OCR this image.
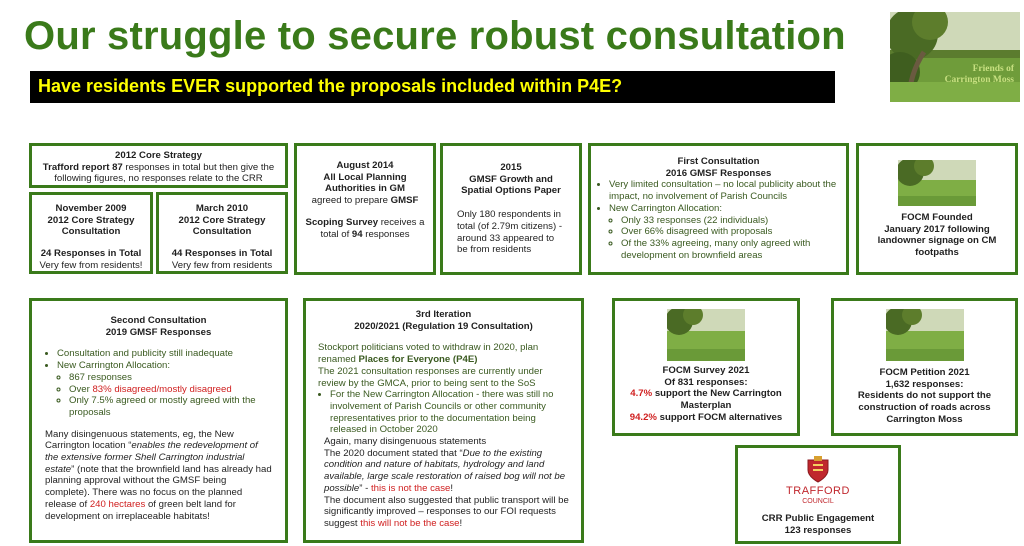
Our struggle to secure robust consultation
Have residents EVER supported the proposals included within P4E?
Friends of
Carrington Moss
2012 Core Strategy
Trafford report 87 responses in total but then give the following figures, no responses relate to the CRR
November 2009
2012 Core Strategy
Consultation
24 Responses in Total
Very few from residents!
March 2010
2012 Core Strategy
Consultation
44 Responses in Total
Very few from residents
August 2014
All Local Planning
Authorities in GM
agreed to prepare GMSF
Scoping Survey receives a total of 94 responses
2015
GMSF Growth and
Spatial Options Paper
Only 180 respondents in total (of 2.79m citizens) - around 33 appeared to be from residents
First Consultation
2016 GMSF Responses
• Very limited consultation – no local publicity about the impact, no involvement of Parish Councils
• New Carrington Allocation:
◦ Only 33 responses (22 individuals)
◦ Over 66% disagreed with proposals
◦ Of the 33% agreeing, many only agreed with development on brownfield areas
FOCM Founded
January 2017 following
landowner signage on CM
footpaths
Second Consultation
2019 GMSF Responses
• Consultation and publicity still inadequate
• New Carrington Allocation:
◦ 867 responses
◦ Over 83% disagreed/mostly disagreed
◦ Only 7.5% agreed or mostly agreed with the proposals

Many disingenuous statements, eg, the New Carrington location “enables the redevelopment of the extensive former Shell Carrington industrial estate” (note that the brownfield land has already had planning approval without the GMSF being complete). There was no focus on the planned release of 240 hectares of green belt land for development on irreplaceable habitats!

3rd Iteration
2020/2021 (Regulation 19 Consultation)

Stockport politicians voted to withdraw in 2020, plan renamed Places for Everyone (P4E)

The 2021 consultation responses are currently under review by the GMCA, prior to being sent to the SoS

• For the New Carrington Allocation - there was still no involvement of Parish Councils or other community representatives prior to the documentation being released in October 2020

Again, many disingenuous statements

The 2020 document stated that “Due to the existing condition and nature of habitats, hydrology and land available, large scale restoration of raised bog will not be possible” - this is not the case!

The document also suggested that public transport will be significantly improved – responses to our FOI requests suggest this will not be the case!

FOCM Survey 2021
Of 831 responses:
4.7% support the New Carrington
Masterplan
94.2% support FOCM alternatives
FOCM Petition 2021
1,632 responses:
Residents do not support the
construction of roads across
Carrington Moss
TRAFFORD
COUNCIL
CRR Public Engagement
123 responses
